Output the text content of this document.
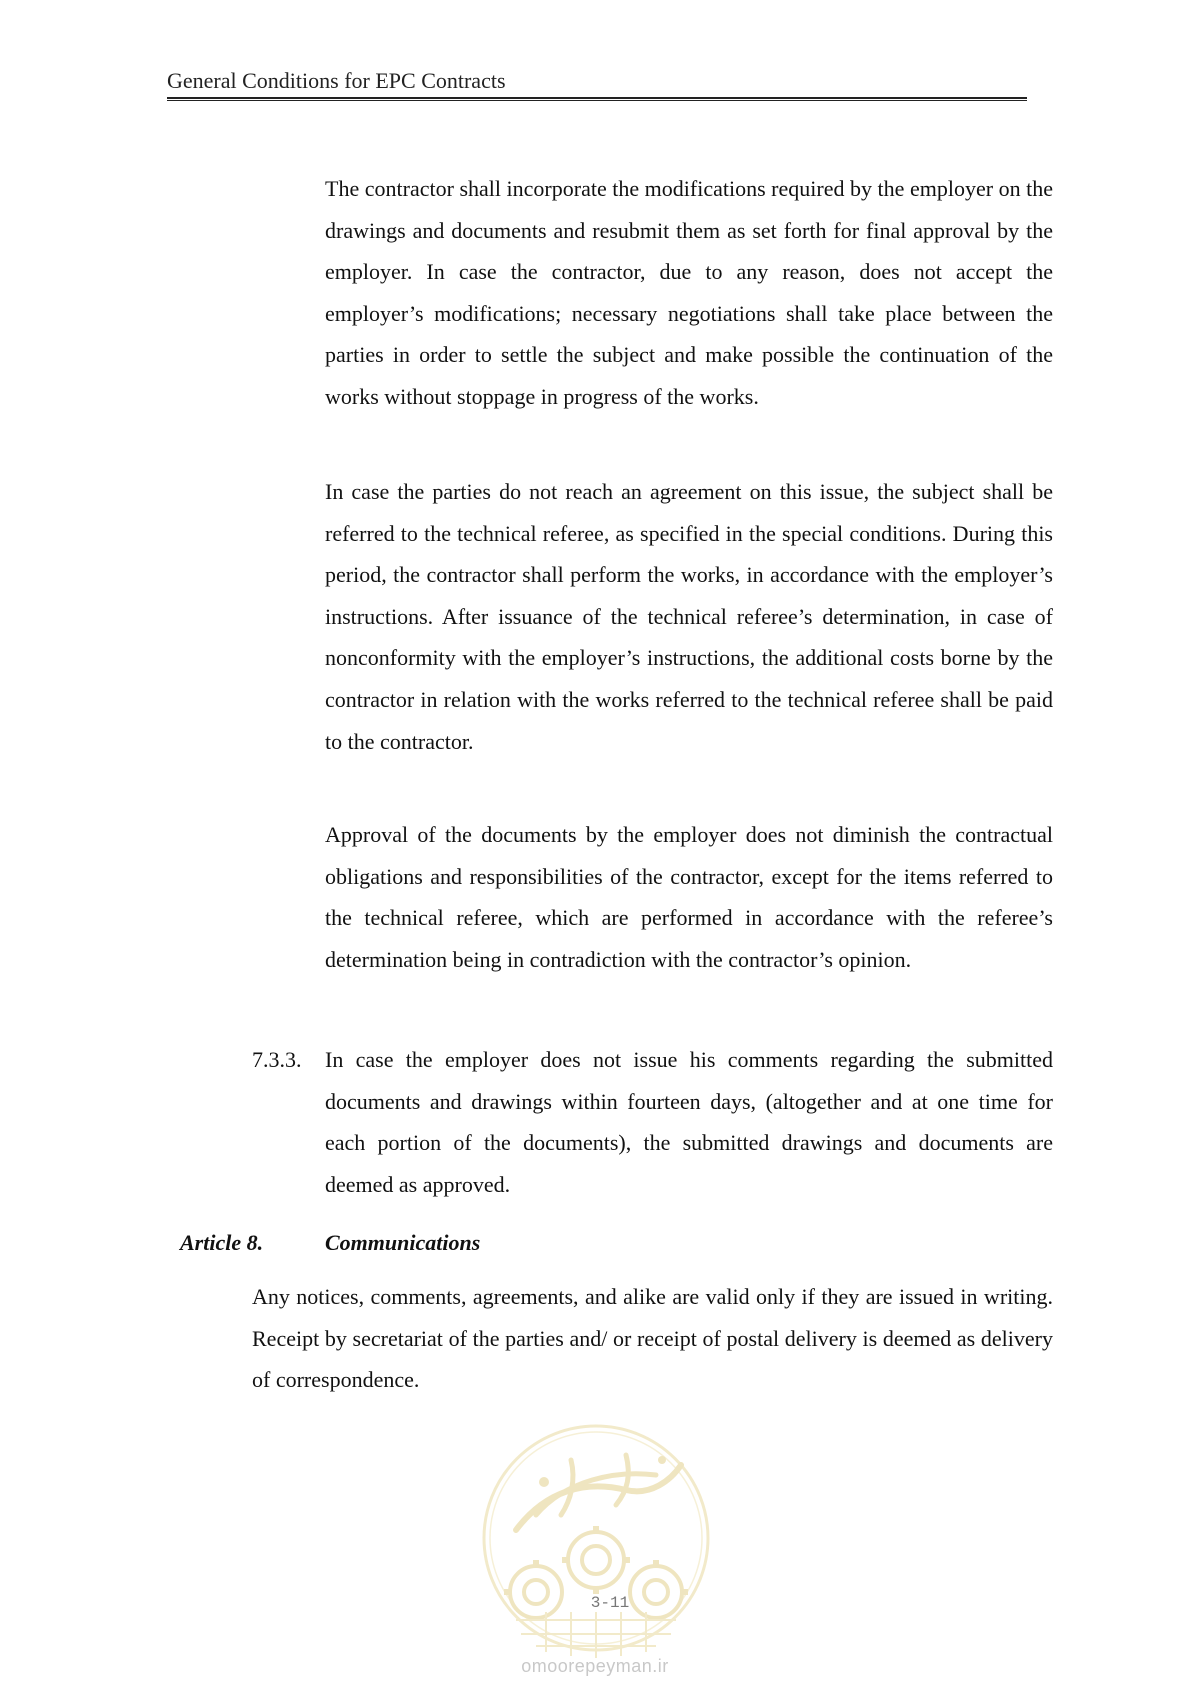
General Conditions for EPC Contracts

The contractor shall incorporate the modifications required by the employer on the drawings and documents and resubmit them as set forth for final approval by the employer. In case the contractor, due to any reason, does not accept the employer’s modifications; necessary negotiations shall take place between the parties in order to settle the subject and make possible the continuation of the works without stoppage in progress of the works.

In case the parties do not reach an agreement on this issue, the subject shall be referred to the technical referee, as specified in the special conditions. During this period, the contractor shall perform the works, in accordance with the employer’s instructions. After issuance of the technical referee’s determination, in case of nonconformity with the employer’s instructions, the additional costs borne by the contractor in relation with the works referred to the technical referee shall be paid to the contractor.

Approval of the documents by the employer does not diminish the contractual obligations and responsibilities of the contractor, except for the items referred to the technical referee, which are performed in accordance with the referee’s determination being in contradiction with the contractor’s opinion.

7.3.3. In case the employer does not issue his comments regarding the submitted documents and drawings within fourteen days, (altogether and at one time for each portion of the documents), the submitted drawings and documents are deemed as approved.

Article 8.	Communications

Any notices, comments, agreements, and alike are valid only if they are issued in writing. Receipt by secretariat of the parties and/ or receipt of postal delivery is deemed as delivery of correspondence.

3-11
omoorepeyman.ir
